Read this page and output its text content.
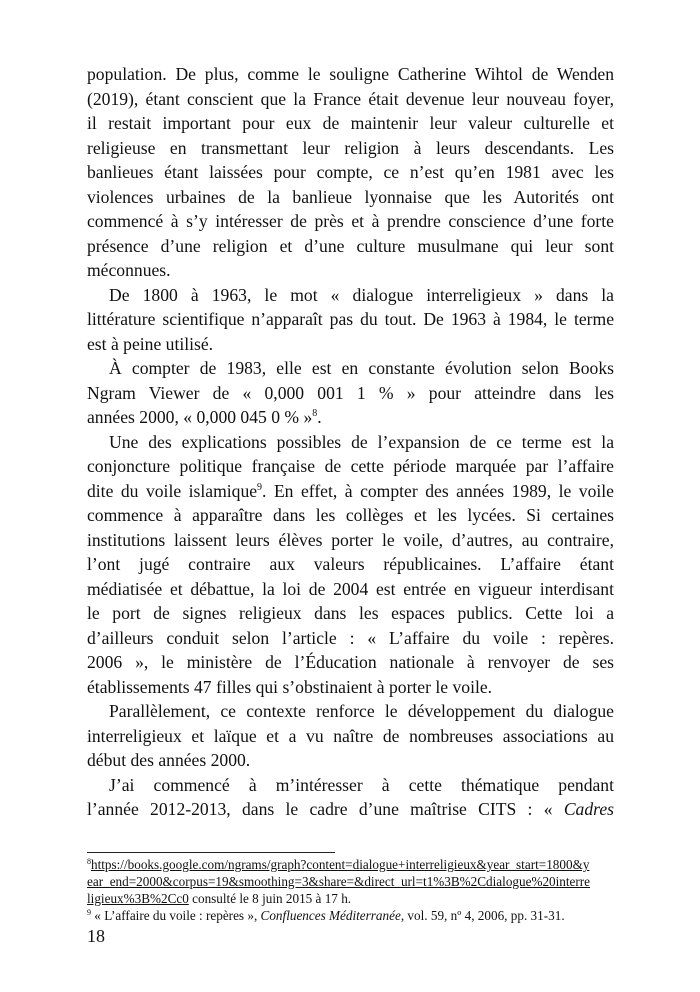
population. De plus, comme le souligne Catherine Wihtol de Wenden
(2019), étant conscient que la France était devenue leur nouveau foyer,
il restait important pour eux de maintenir leur valeur culturelle et
religieuse en transmettant leur religion à leurs descendants. Les
banlieues étant laissées pour compte, ce n’est qu’en 1981 avec les
violences urbaines de la banlieue lyonnaise que les Autorités ont
commencé à s’y intéresser de près et à prendre conscience d’une forte
présence d’une religion et d’une culture musulmane qui leur sont
méconnues.
De 1800 à 1963, le mot « dialogue interreligieux » dans la
littérature scientifique n’apparaît pas du tout. De 1963 à 1984, le terme
est à peine utilisé.
À compter de 1983, elle est en constante évolution selon Books
Ngram Viewer de « 0,000 001 1 % » pour atteindre dans les
années 2000, « 0,000 045 0 % »$^8$.
Une des explications possibles de l’expansion de ce terme est la
conjoncture politique française de cette période marquée par l’affaire
dite du voile islamique$^9$. En effet, à compter des années 1989, le voile
commence à apparaître dans les collèges et les lycées. Si certaines
institutions laissent leurs élèves porter le voile, d’autres, au contraire,
l’ont jugé contraire aux valeurs républicaines. L’affaire étant
médiatisée et débattue, la loi de 2004 est entrée en vigueur interdisant
le port de signes religieux dans les espaces publics. Cette loi a
d’ailleurs conduit selon l’article : « L’affaire du voile : repères.
2006 », le ministère de l’Éducation nationale à renvoyer de ses
établissements 47 filles qui s’obstinaient à porter le voile.
Parallèlement, ce contexte renforce le développement du dialogue
interreligieux et laïque et a vu naître de nombreuses associations au
début des années 2000.
J’ai commencé à m’intéresser à cette thématique pendant
l’année 2012-2013, dans le cadre d’une maîtrise CITS : « Cadres
$^8$https://books.google.com/ngrams/graph?content=dialogue+interreligieux&year_start=1800&y
ear_end=2000&corpus=19&smoothing=3&share=&direct_url=t1%3B%2Cdialogue%20interre
ligieux%3B%2Cc0 consulté le 8 juin 2015 à 17 h.
$^9$ « L’affaire du voile : repères », Confluences Méditerranée, vol. 59, nº 4, 2006, pp. 31-31.
18
